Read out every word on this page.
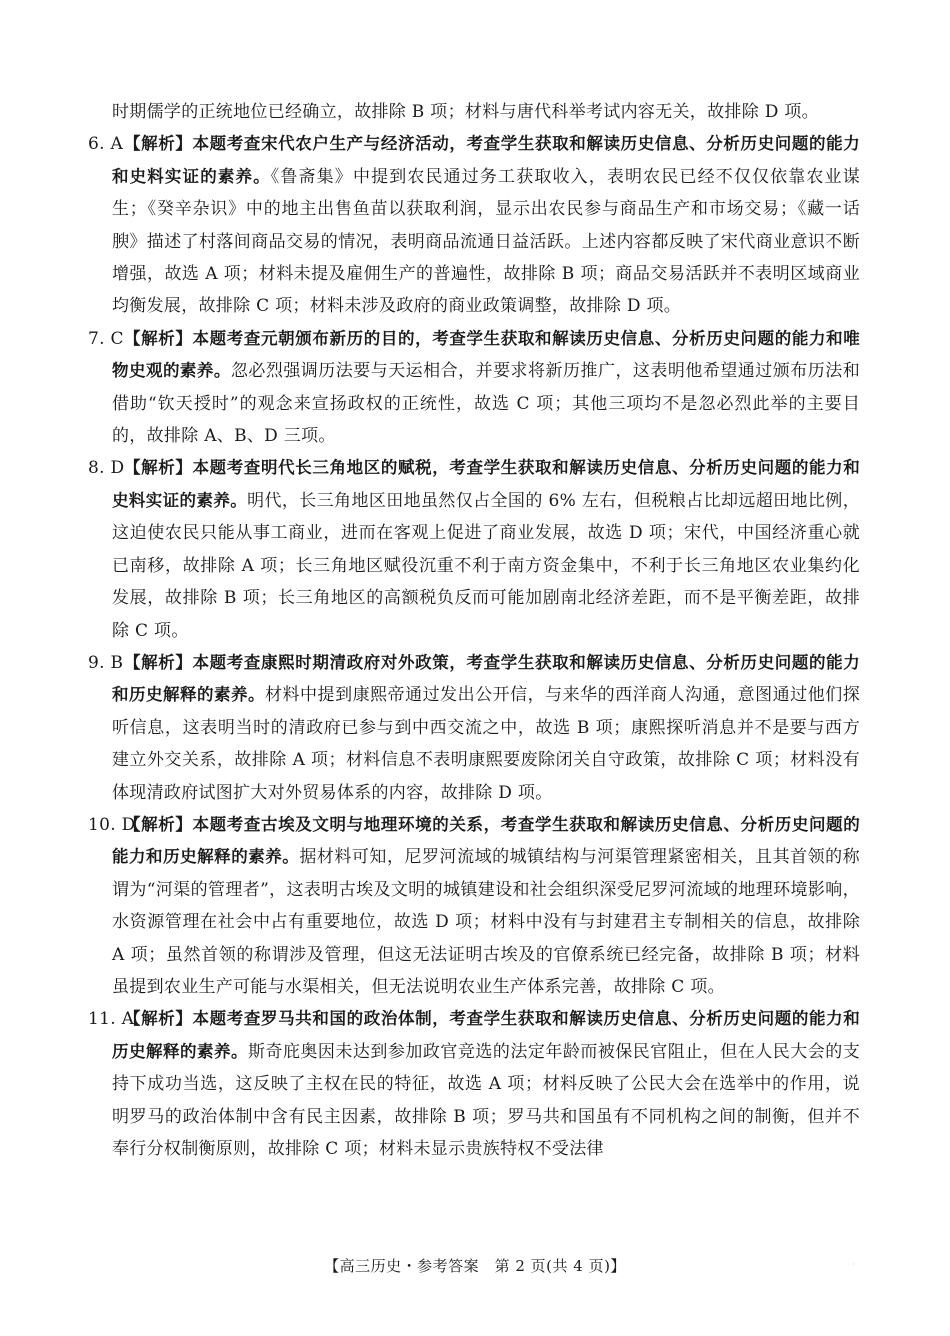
时期儒学的正统地位已经确立，故排除 B 项；材料与唐代科举考试内容无关，故排除 D 项。

6. A 【解析】本题考查宋代农户生产与经济活动，考查学生获取和解读历史信息、分析历史问题的能力和史料实证的素养。《鲁斋集》中提到农民通过务工获取收入，表明农民已经不仅仅依靠农业谋生；《癸辛杂识》中的地主出售鱼苗以获取利润，显示出农民参与商品生产和市场交易；《藏一话腴》描述了村落间商品交易的情况，表明商品流通日益活跃。上述内容都反映了宋代商业意识不断增强，故选 A 项；材料未提及雇佣生产的普遍性，故排除 B 项；商品交易活跃并不表明区域商业均衡发展，故排除 C 项；材料未涉及政府的商业政策调整，故排除 D 项。

7. C 【解析】本题考查元朝颁布新历的目的，考查学生获取和解读历史信息、分析历史问题的能力和唯物史观的素养。忽必烈强调历法要与天运相合，并要求将新历推广，这表明他希望通过颁布历法和借助“钦天授时”的观念来宣扬政权的正统性，故选 C 项；其他三项均不是忽必烈此举的主要目的，故排除 A、B、D 三项。

8. D 【解析】本题考查明代长三角地区的赋税，考查学生获取和解读历史信息、分析历史问题的能力和史料实证的素养。明代，长三角地区田地虽然仅占全国的 6% 左右，但税粮占比却远超田地比例，这迫使农民只能从事工商业，进而在客观上促进了商业发展，故选 D 项；宋代，中国经济重心就已南移，故排除 A 项；长三角地区赋役沉重不利于南方资金集中，不利于长三角地区农业集约化发展，故排除 B 项；长三角地区的高额税负反而可能加剧南北经济差距，而不是平衡差距，故排除 C 项。

9. B 【解析】本题考查康熙时期清政府对外政策，考查学生获取和解读历史信息、分析历史问题的能力和历史解释的素养。材料中提到康熙帝通过发出公开信，与来华的西洋商人沟通，意图通过他们探听信息，这表明当时的清政府已参与到中西交流之中，故选 B 项；康熙探听消息并不是要与西方建立外交关系，故排除 A 项；材料信息不表明康熙要废除闭关自守政策，故排除 C 项；材料没有体现清政府试图扩大对外贸易体系的内容，故排除 D 项。

10. D
【解析】本题考查古埃及文明与地理环境的关系，考查学生获取和解读历史信息、分析历史问题的能力和历史解释的素养。据材料可知，尼罗河流域的城镇结构与河渠管理紧密相关，且其首领的称谓为“河渠的管理者”，这表明古埃及文明的城镇建设和社会组织深受尼罗河流域的地理环境影响，水资源管理在社会中占有重要地位，故选 D 项；材料中没有与封建君主专制相关的信息，故排除 A 项；虽然首领的称谓涉及管理，但这无法证明古埃及的官僚系统已经完备，故排除 B 项；材料虽提到农业生产可能与水渠相关，但无法说明农业生产体系完善，故排除 C 项。

11. A
【解析】本题考查罗马共和国的政治体制，考查学生获取和解读历史信息、分析历史问题的能力和历史解释的素养。斯奇庇奥因未达到参加政官竞选的法定年龄而被保民官阻止，但在人民大会的支持下成功当选，这反映了主权在民的特征，故选 A 项；材料反映了公民大会在选举中的作用，说明罗马的政治体制中含有民主因素，故排除 B 项；罗马共和国虽有不同机构之间的制衡，但并不奉行分权制衡原则，故排除 C 项；材料未显示贵族特权不受法律

【高三历史・参考答案　第 2 页(共 4 页)】	·
